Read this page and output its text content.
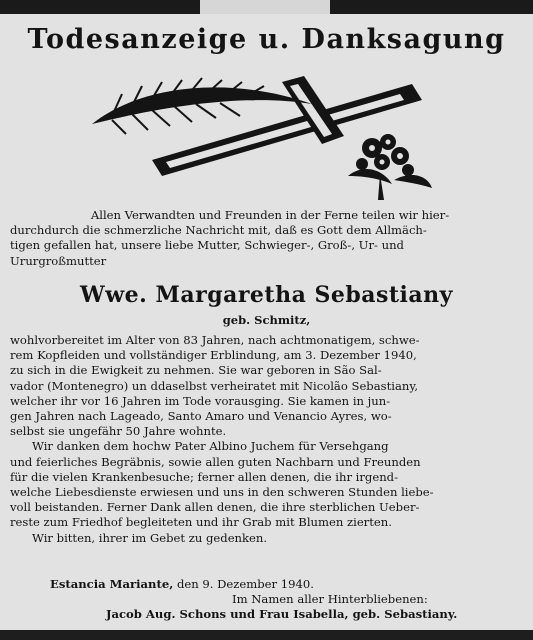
Todesanzeige u. Danksagung
Allen Verwandten und Freunden in der Ferne teilen wir hier-
durchdurch die schmerzliche Nachricht mit, daß es Gott dem Allmäch-
tigen gefallen hat, unsere liebe Mutter, Schwieger-, Groß-, Ur- und
Ururgroßmutter
Wwe. Margaretha Sebastiany
geb. Schmitz,
wohlvorbereitet im Alter von 83 Jahren, nach achtmonatigem, schwe-
rem Kopfleiden und vollständiger Erblindung, am 3. Dezember 1940,
zu sich in die Ewigkeit zu nehmen. Sie war geboren in São Sal-
vador (Montenegro) un ddaselbst verheiratet mit Nicolão Sebastiany,
welcher ihr vor 16 Jahren im Tode vorausging. Sie kamen in jun-
gen Jahren nach Lageado, Santo Amaro und Venancio Ayres, wo-
selbst sie ungefähr 50 Jahre wohnte.
Wir danken dem hochw Pater Albino Juchem für Versehgang
und feierliches Begräbnis, sowie allen guten Nachbarn und Freunden
für die vielen Krankenbesuche; ferner allen denen, die ihr irgend-
welche Liebesdienste erwiesen und uns in den schweren Stunden liebe-
voll beistanden. Ferner Dank allen denen, die ihre sterblichen Ueber-
reste zum Friedhof begleiteten und ihr Grab mit Blumen zierten.
Wir bitten, ihrer im Gebet zu gedenken.
Estancia Mariante, den 9. Dezember 1940.
Im Namen aller Hinterbliebenen:
Jacob Aug. Schons und Frau Isabella, geb. Sebastiany.
